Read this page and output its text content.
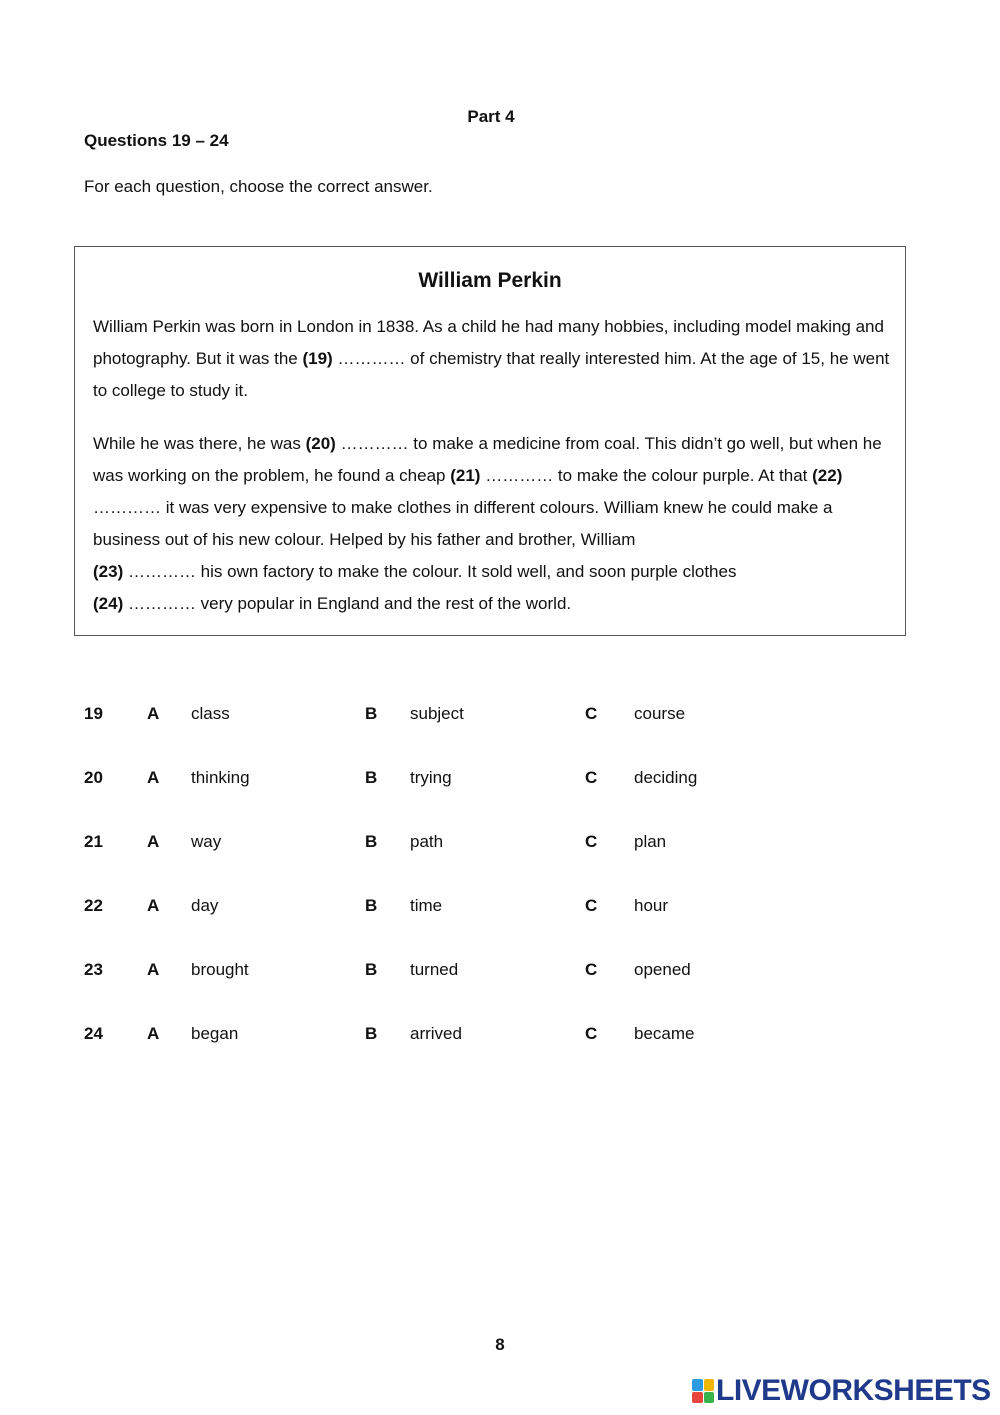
Part 4
Questions 19 – 24
For each question, choose the correct answer.
William Perkin
William Perkin was born in London in 1838. As a child he had many hobbies, including model making and photography. But it was the (19) ………… of chemistry that really interested him. At the age of 15, he went to college to study it.
While he was there, he was (20) ………… to make a medicine from coal. This didn’t go well, but when he was working on the problem, he found a cheap (21) ………… to make the colour purple. At that (22) ………… it was very expensive to make clothes in different colours. William knew he could make a business out of his new colour. Helped by his father and brother, William
(23) ………… his own factory to make the colour. It sold well, and soon purple clothes
(24) ………… very popular in England and the rest of the world.
19	A class	B subject	C course
20	A thinking	B trying	C deciding
21	A way	B path	C plan
22	A day	B time	C hour
23	A brought	B turned	C opened
24	A began	B arrived	C became
8
LIVEWORKSHEETS
